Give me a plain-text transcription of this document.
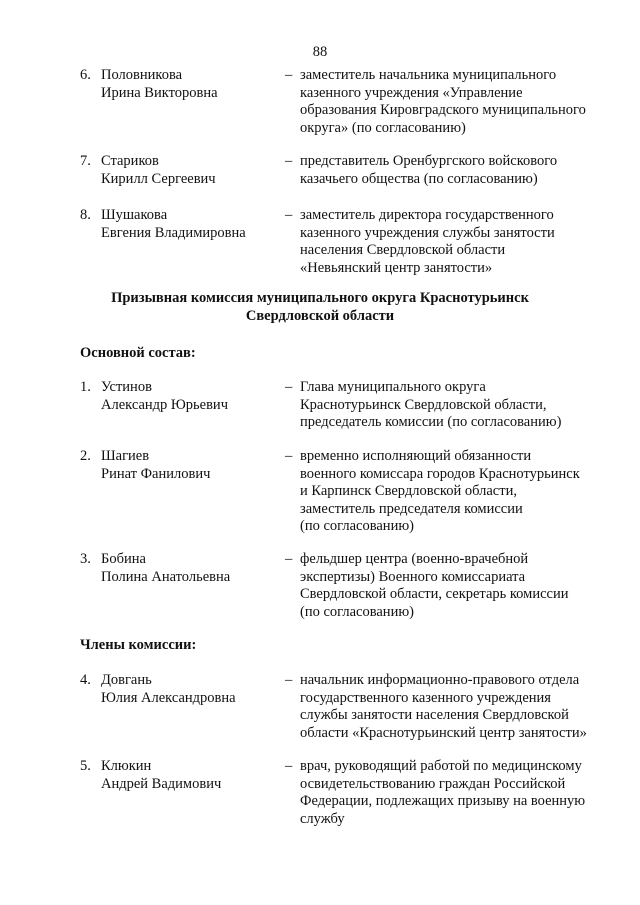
88
6. Половникова
Ирина Викторовна
– заместитель начальника муниципального
казенного учреждения «Управление
образования Кировградского муниципального
округа» (по согласованию)
7. Стариков
Кирилл Сергеевич
– представитель Оренбургского войскового
казачьего общества (по согласованию)
8. Шушакова
Евгения Владимировна
– заместитель директора государственного
казенного учреждения службы занятости
населения Свердловской области
«Невьянский центр занятости»
Призывная комиссия муниципального округа Краснотурьинск
Свердловской области
Основной состав:
1. Устинов
Александр Юрьевич
– Глава муниципального округа
Краснотурьинск Свердловской области,
председатель комиссии (по согласованию)
2. Шагиев
Ринат Фанилович
– временно исполняющий обязанности
военного комиссара городов Краснотурьинск
и Карпинск Свердловской области,
заместитель председателя комиссии
(по согласованию)
3. Бобина
Полина Анатольевна
– фельдшер центра (военно-врачебной
экспертизы) Военного комиссариата
Свердловской области, секретарь комиссии
(по согласованию)
Члены комиссии:
4. Довгань
Юлия Александровна
– начальник информационно-правового отдела
государственного казенного учреждения
службы занятости населения Свердловской
области «Краснотурьинский центр занятости»
5. Клюкин
Андрей Вадимович
– врач, руководящий работой по медицинскому
освидетельствованию граждан Российской
Федерации, подлежащих призыву на военную
службу
